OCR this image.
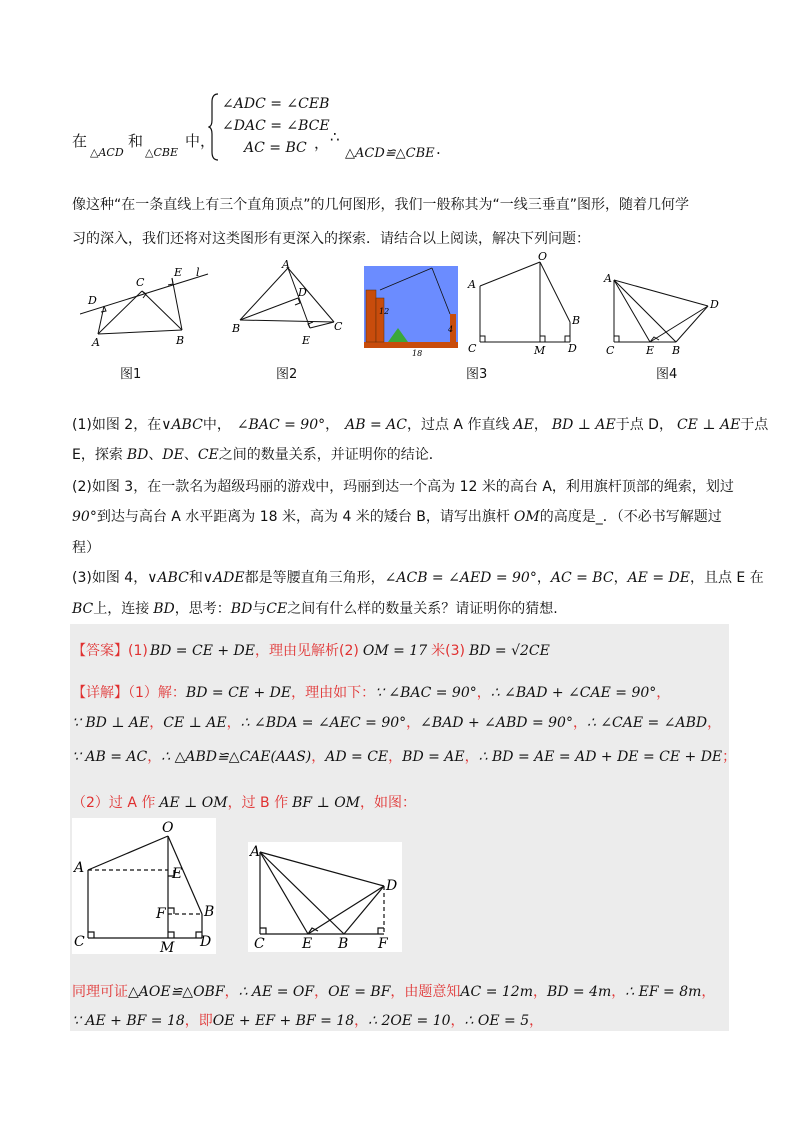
在
△ACD
和
△CBE
中，
∠ADC = ∠CEB
∠DAC = ∠BCE
AC = BC ， ∴
△ACD≌△CBE .
像这种“在一条直线上有三个直角顶点”的几何图形，我们一般称其为“一线三垂直”图形，随着几何学
习的深入，我们还将对这类图形有更深入的探索．请结合以上阅读，解决下列问题：
D
C
E l
A	B
A
D
B	C
E
12
4
18
A
O
B
C	M D
A
D
C	E B
图1	图2	图3	图4
(1)如图 2，在∨ABC中， ∠BAC = 90°， AB = AC，过点 A 作直线 AE， BD ⊥ AE于点 D， CE ⊥ AE于点
E，探索 BD、DE、CE之间的数量关系，并证明你的结论．
(2)如图 3，在一款名为超级玛丽的游戏中，玛丽到达一个高为 12 米的高台 A，利用旗杆顶部的绳索，划过
90°到达与高台 A 水平距离为 18 米，高为 4 米的矮台 B，请写出旗杆 OM的高度是_．（不必书写解题过
程）
(3)如图 4，∨ABC和∨ADE都是等腰直角三角形，∠ACB = ∠AED = 90°，AC = BC，AE = DE，且点 E 在
BC上，连接 BD，思考：BD与CE之间有什么样的数量关系？请证明你的猜想.
【答案】(1) BD = CE + DE，理由见解析(2) OM = 17 米(3) BD = √2CE
【详解】（1）解：BD = CE + DE，理由如下：∵ ∠BAC = 90°，∴ ∠BAD + ∠CAE = 90°，
∵ BD ⊥ AE，CE ⊥ AE，∴ ∠BDA = ∠AEC = 90°，∠BAD + ∠ABD = 90°，∴ ∠CAE = ∠ABD，
∵ AB = AC，∴ △ABD≌△CAE(AAS)，AD = CE，BD = AE，∴ BD = AE = AD + DE = CE + DE；
（2）过 A 作 AE ⊥ OM，过 B 作 BF ⊥ OM，如图：
O
A	E
F	B
C	M D
A
D
C	E B F
同理可证△AOE≌△OBF，∴ AE = OF，OE = BF，由题意知AC = 12m，BD = 4m，∴ EF = 8m，
∵ AE + BF = 18，即OE + EF + BF = 18，∴ 2OE = 10，∴ OE = 5，
